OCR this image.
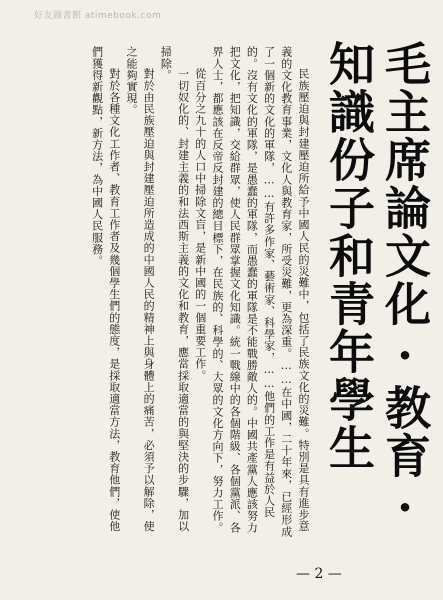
好友圖書館 atimebook.com
毛主席論文化·教育·
知識份子和青年學生

民族壓迫與封建壓迫所給予中國人民的災難中，包括了民族文化的災難。特別是具有進步意義的文化教育事業，文化人與教育家，所受災難，更為深重。……在中國，二十年來，已經形成了一個新的文化的軍隊，……有許多作家、藝術家、科學家，……他們的工作是有益於人民的。沒有文化的軍隊，是愚蠢的軍隊，而愚蠢的軍隊是不能戰勝敵人的。中國共產黨人應該努力把文化，把知識，交給群眾，使人民群眾掌握文化知識。統一戰線中的各個階級、各個黨派、各界人士，都應該在反帝反封建的總目標下，在民族的、科學的、大眾的文化方向下，努力工作。

從百分之九十的人口中掃除文盲，是新中國的一個重要工作。

一切奴化的、封建主義的和法西斯主義的文化和教育，應當採取適當的與堅決的步驟，加以掃除。

對於由民族壓迫與封建壓迫所造成的中國人民的精神上與身體上的痛苦，必須予以解除，使之能夠實現。

對於各種文化工作者、教育工作者及幾個學生們的態度，是採取適當方法，教育他們，使他們獲得新觀點，新方法，為中國人民服務。

— 2 —
